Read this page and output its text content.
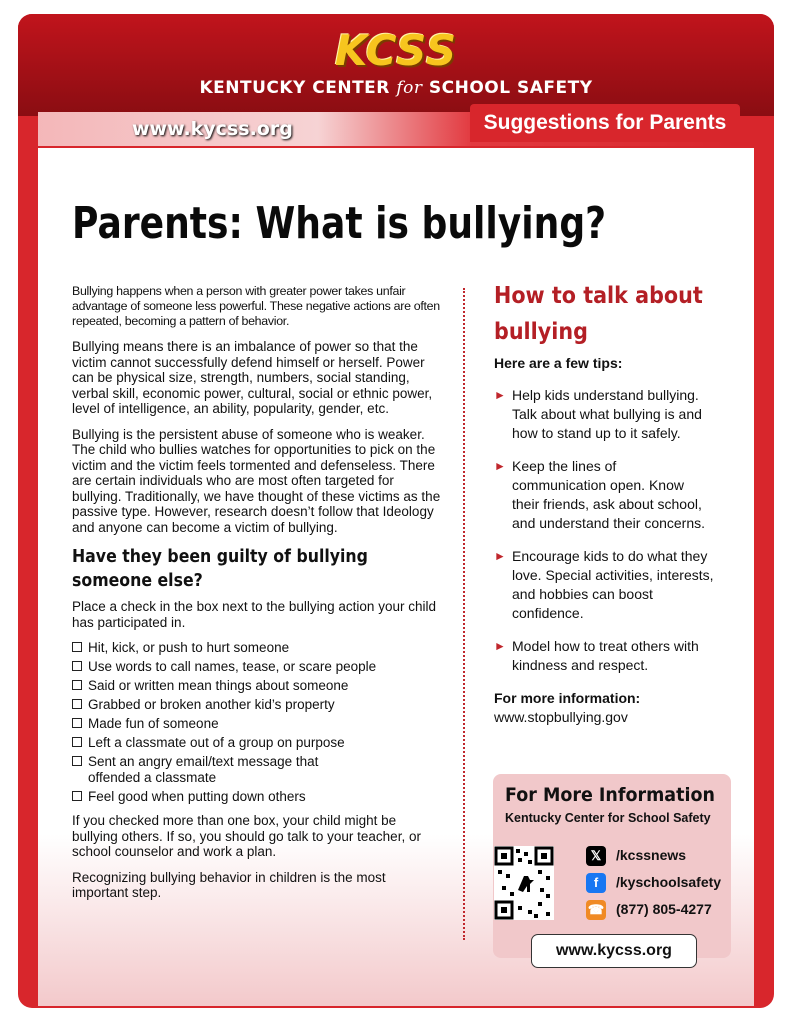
KCSS
KENTUCKY CENTER for SCHOOL SAFETY
www.kycss.org	Suggestions for Parents
Parents: What is bullying?

Bullying happens when a person with greater power takes unfair advantage of someone less powerful. These negative actions are often repeated, becoming a pattern of behavior.

Bullying means there is an imbalance of power so that the victim cannot successfully defend himself or herself. Power can be physical size, strength, numbers, social standing, verbal skill, economic power, cultural, social or ethnic power, level of intelligence, an ability, popularity, gender, etc.

Bullying is the persistent abuse of someone who is weaker. The child who bullies watches for opportunities to pick on the victim and the victim feels tormented and defenseless. There are certain individuals who are most often targeted for bullying. Traditionally, we have thought of these victims as the passive type. However, research doesn’t follow that Ideology and anyone can become a victim of bullying.

Have they been guilty of bullying someone else?

Place a check in the box next to the bullying action your child has participated in.

Hit, kick, or push to hurt someone
Use words to call names, tease, or scare people
Said or written mean things about someone
Grabbed or broken another kid’s property
Made fun of someone
Left a classmate out of a group on purpose
Sent an angry email/text message that offended a classmate
Feel good when putting down others

If you checked more than one box, your child might be bullying others. If so, you should go talk to your teacher, or school counselor and work a plan.

Recognizing bullying behavior in children is the most important step.

How to talk about bullying

Here are a few tips:

► Help kids understand bullying. Talk about what bullying is and how to stand up to it safely.
► Keep the lines of communication open. Know their friends, ask about school, and understand their concerns.
► Encourage kids to do what they love. Special activities, interests, and hobbies can boost confidence.
► Model how to treat others with kindness and respect.

For more information:

www.stopbullying.gov
For More Information
Kentucky Center for School Safety
𝕏 /kcssnews
f /kyschoolsafety
☎ (877) 805-4277
www.kycss.org
